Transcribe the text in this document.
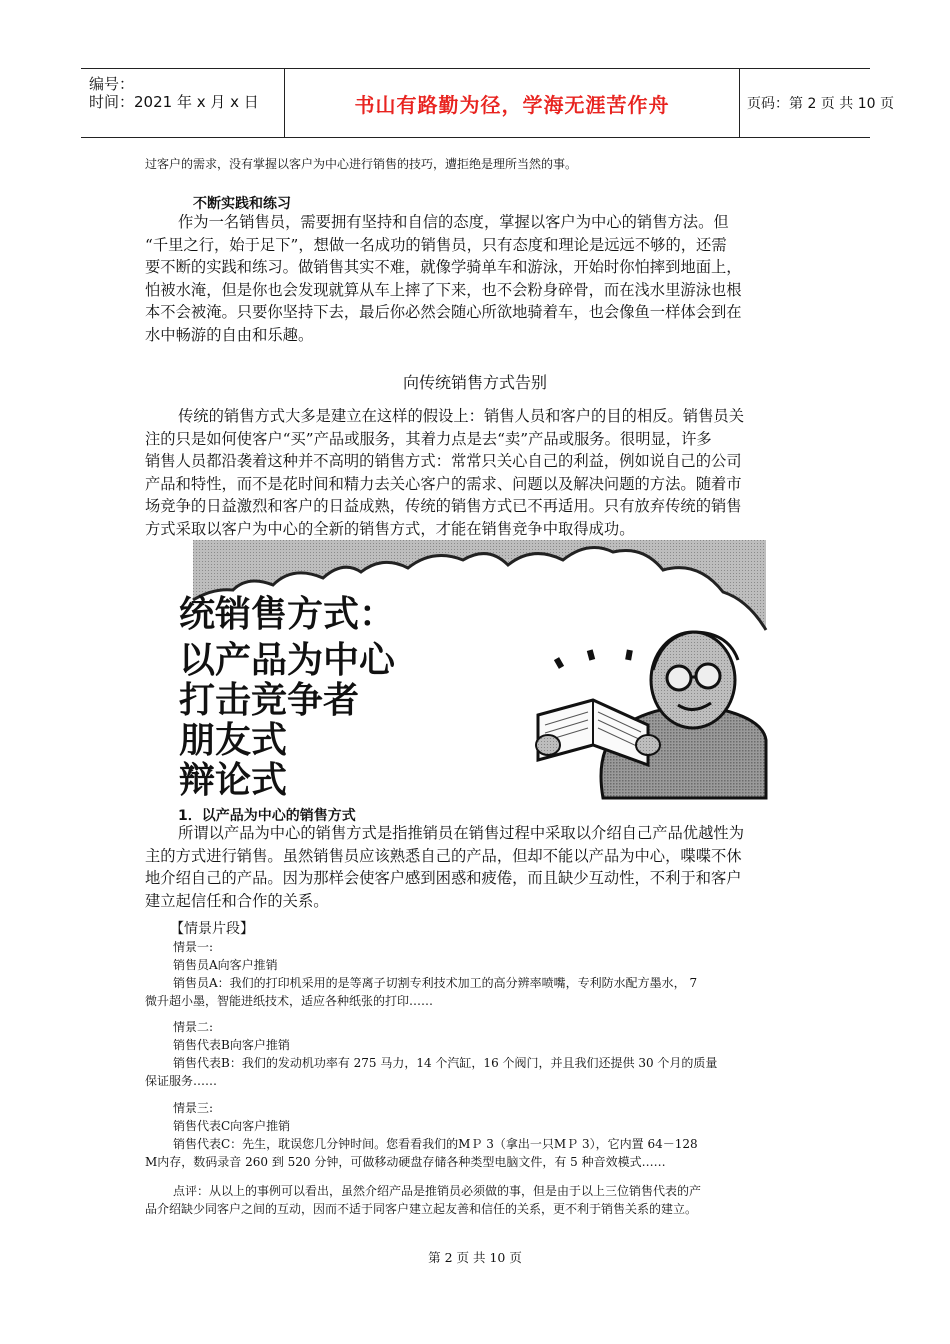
编号：
时间：2021 年 x 月 x 日	书山有路勤为径，学海无涯苦作舟	页码：第 2 页 共 10 页
过客户的需求，没有掌握以客户为中心进行销售的技巧，遭拒绝是理所当然的事。
不断实践和练习
作为一名销售员，需要拥有坚持和自信的态度，掌握以客户为中心的销售方法。但
“千里之行，始于足下”，想做一名成功的销售员，只有态度和理论是远远不够的，还需
要不断的实践和练习。做销售其实不难，就像学骑单车和游泳，开始时你怕摔到地面上，
怕被水淹，但是你也会发现就算从车上摔了下来，也不会粉身碎骨，而在浅水里游泳也根
本不会被淹。只要你坚持下去，最后你必然会随心所欲地骑着车，也会像鱼一样体会到在
水中畅游的自由和乐趣。
向传统销售方式告别
传统的销售方式大多是建立在这样的假设上：销售人员和客户的目的相反。销售员关
注的只是如何使客户“买”产品或服务，其着力点是去“卖”产品或服务。很明显，许多
销售人员都沿袭着这种并不高明的销售方式：常常只关心自己的利益，例如说自己的公司
产品和特性，而不是花时间和精力去关心客户的需求、问题以及解决问题的方法。随着市
场竞争的日益激烈和客户的日益成熟，传统的销售方式已不再适用。只有放弃传统的销售
方式采取以客户为中心的全新的销售方式，才能在销售竞争中取得成功。
统销售方式：
以产品为中心
打击竞争者
朋友式
辩论式
1．以产品为中心的销售方式
所谓以产品为中心的销售方式是指推销员在销售过程中采取以介绍自己产品优越性为
主的方式进行销售。虽然销售员应该熟悉自己的产品，但却不能以产品为中心，喋喋不休
地介绍自己的产品。因为那样会使客户感到困惑和疲倦，而且缺少互动性，不利于和客户
建立起信任和合作的关系。
【情景片段】
情景一:
销售员A向客户推销
销售员A：我们的打印机采用的是等离子切割专利技术加工的高分辨率喷嘴，专利防水配方墨水， 7
微升超小墨，智能进纸技术，适应各种纸张的打印……
情景二:
销售代表B向客户推销
销售代表B：我们的发动机功率有 275 马力，14 个汽缸，16 个阀门，并且我们还提供 30 个月的质量
保证服务……
情景三:
销售代表C向客户推销
销售代表C：先生，耽误您几分钟时间。您看看我们的MＰ 3（拿出一只MＰ 3），它内置 64－128
M内存，数码录音 260 到 520 分钟，可做移动硬盘存储各种类型电脑文件，有 5 种音效模式……
点评：从以上的事例可以看出，虽然介绍产品是推销员必须做的事，但是由于以上三位销售代表的产
品介绍缺少同客户之间的互动，因而不适于同客户建立起友善和信任的关系，更不利于销售关系的建立。
第 2 页 共 10 页
